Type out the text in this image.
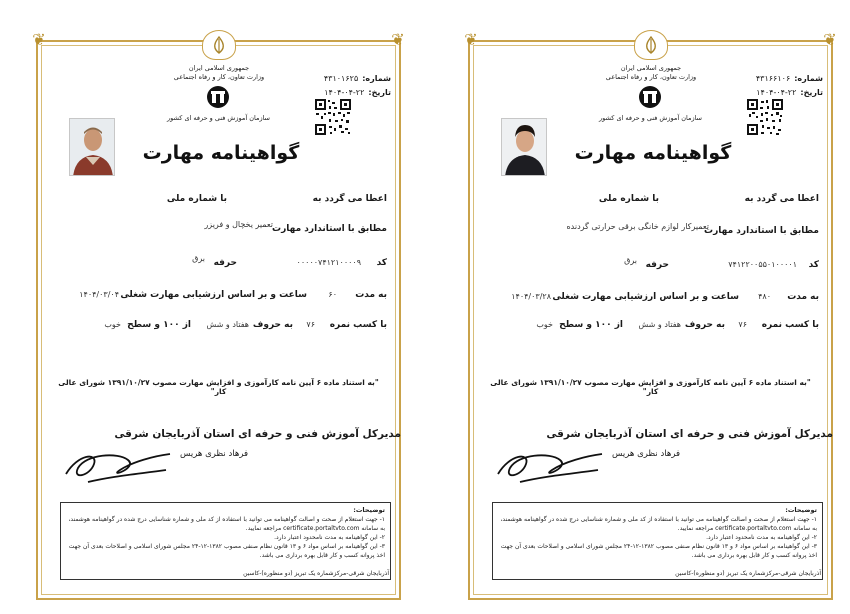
❦	❦
شماره:۴۳۱۰۱۶۲۵
تاریخ:۱۴۰۴-۰۴-۲۲
جمهوری اسلامی ایران
وزارت تعاون، کار و رفاه اجتماعی
سازمان آموزش فنی و حرفه ای کشور
گواهینامه مهارت
اعطا می گردد به
با شماره ملی
مطابق با استاندارد مهارت
تعمیر یخچال و فریزر
کد
۰۰۰۰۰۷۴۱۲۱۰۰۰۰۹
حرفه
برق
به مدت
۶۰
ساعت و بر اساس ارزشیابی مهارت شغلی
۱۴۰۴/۰۳/۰۴
با کسب نمره
۷۶
به حروف
هفتاد و شش
از ۱۰۰ و سطح
خوب
"به استناد ماده ۶ آیین نامه کارآموزی و افزایش مهارت مصوب ۱۳۹۱/۱۰/۲۷ شورای عالی کار"
مدیرکل آموزش فنی و حرفه ای استان آذربایجان شرقی
فرهاد نظری هریس
توضیحات:
۱- جهت استعلام از صحت و اصالت گواهینامه می توانید با استفاده از کد ملی و شماره شناسایی درج شده در گواهینامه هوشمند، به سامانه certificate.portaltvto.com مراجعه نمایید.
۲- این گواهینامه به مدت نامحدود اعتبار دارد.
۳- این گواهینامه بر اساس مواد ۶ و ۱۳ قانون نظام صنفی مصوب ۱۳۸۲-۱۲-۲۴ مجلس شورای اسلامی و اصلاحات بعدی آن جهت اخذ پروانه کسب و کار قابل بهره برداری می باشد.
آذربایجان شرقی-مرکزشماره یک تبریز (دو منظوره)-کاسین
❦	❦
شماره:۴۳۱۶۶۱۰۶
تاریخ:۱۴۰۴-۰۴-۲۲
جمهوری اسلامی ایران
وزارت تعاون، کار و رفاه اجتماعی
سازمان آموزش فنی و حرفه ای کشور
گواهینامه مهارت
اعطا می گردد به
با شماره ملی
مطابق با استاندارد مهارت
تعمیرکار لوازم خانگی برقی حرارتی گردنده
کد
۷۴۱۲۲۰۰۵۵۰۱۰۰۰۰۱
حرفه
برق
به مدت
۴۸۰
ساعت و بر اساس ارزشیابی مهارت شغلی
۱۴۰۴/۰۳/۲۸
با کسب نمره
۷۶
به حروف
هفتاد و شش
از ۱۰۰ و سطح
خوب
"به استناد ماده ۶ آیین نامه کارآموزی و افزایش مهارت مصوب ۱۳۹۱/۱۰/۲۷ شورای عالی کار"
مدیرکل آموزش فنی و حرفه ای استان آذربایجان شرقی
فرهاد نظری هریس
توضیحات:
۱- جهت استعلام از صحت و اصالت گواهینامه می توانید با استفاده از کد ملی و شماره شناسایی درج شده در گواهینامه هوشمند، به سامانه certificate.portaltvto.com مراجعه نمایید.
۲- این گواهینامه به مدت نامحدود اعتبار دارد.
۳- این گواهینامه بر اساس مواد ۶ و ۱۳ قانون نظام صنفی مصوب ۱۳۸۲-۱۲-۲۴ مجلس شورای اسلامی و اصلاحات بعدی آن جهت اخذ پروانه کسب و کار قابل بهره برداری می باشد.
آذربایجان شرقی-مرکزشماره یک تبریز (دو منظوره)-کاسین
